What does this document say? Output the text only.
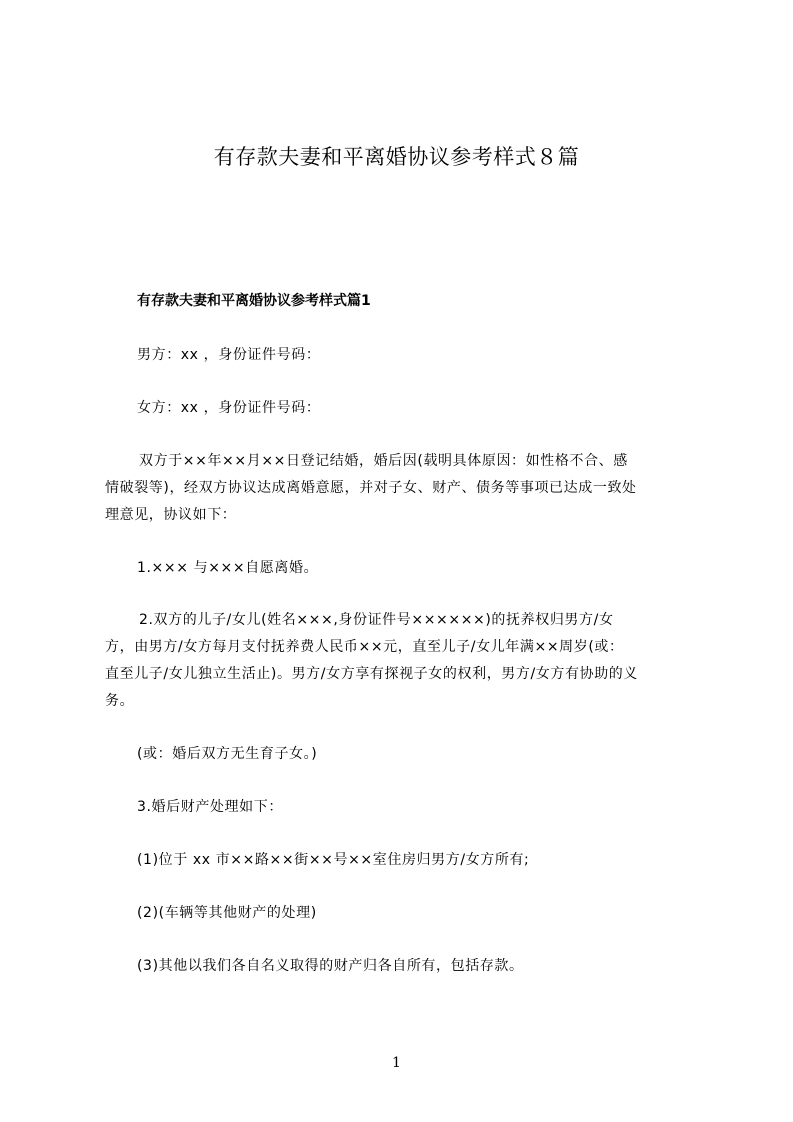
有存款夫妻和平离婚协议参考样式８篇
有存款夫妻和平离婚协议参考样式篇1
男方：xx ，身份证件号码：
女方：xx ，身份证件号码：
双方于××年××月××日登记结婚，婚后因(载明具体原因：如性格不合、感
情破裂等)，经双方协议达成离婚意愿，并对子女、财产、债务等事项已达成一致处
理意见，协议如下：
1.××× 与×××自愿离婚。
2.双方的儿子/女儿(姓名×××,身份证件号××××××)的抚养权归男方/女
方，由男方/女方每月支付抚养费人民币××元，直至儿子/女儿年满××周岁(或：
直至儿子/女儿独立生活止)。男方/女方享有探视子女的权利，男方/女方有协助的义
务。
(或：婚后双方无生育子女。)
3.婚后财产处理如下：
(1)位于 xx 市××路××街××号××室住房归男方/女方所有;
(2)(车辆等其他财产的处理)
(3)其他以我们各自名义取得的财产归各自所有，包括存款。
1
